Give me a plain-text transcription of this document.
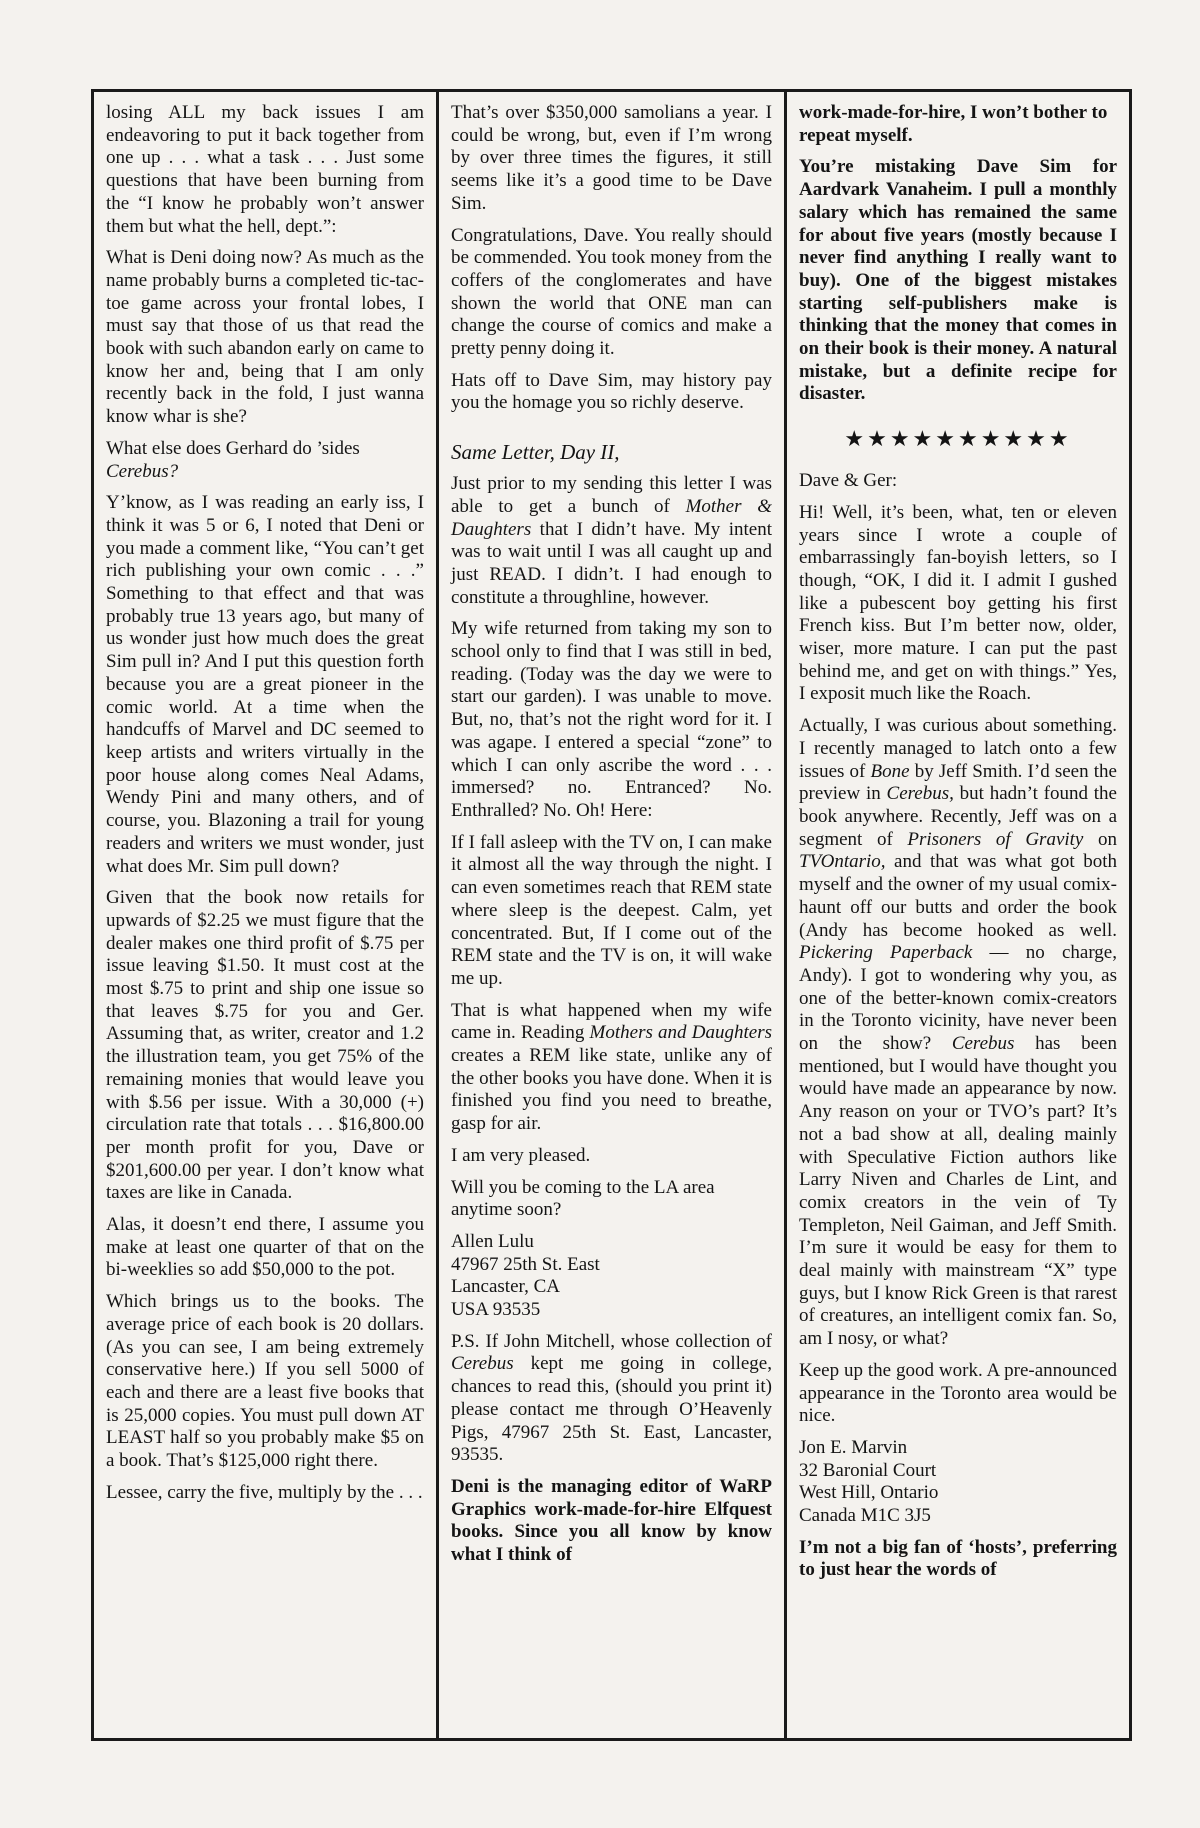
losing ALL my back issues I am endeavoring to put it back together from one up . . . what a task . . . Just some questions that have been burning from the “I know he probably won’t answer them but what the hell, dept.”:

What is Deni doing now? As much as the name probably burns a completed tic-tac-toe game across your frontal lobes, I must say that those of us that read the book with such abandon early on came to know her and, being that I am only recently back in the fold, I just wanna know whar is she?

What else does Gerhard do ’sides Cerebus?

Y’know, as I was reading an early iss, I think it was 5 or 6, I noted that Deni or you made a comment like, “You can’t get rich publishing your own comic . . .” Something to that effect and that was probably true 13 years ago, but many of us wonder just how much does the great Sim pull in? And I put this question forth because you are a great pioneer in the comic world. At a time when the handcuffs of Marvel and DC seemed to keep artists and writers virtually in the poor house along comes Neal Adams, Wendy Pini and many others, and of course, you. Blazoning a trail for young readers and writers we must wonder, just what does Mr. Sim pull down?

Given that the book now retails for upwards of $2.25 we must figure that the dealer makes one third profit of $.75 per issue leaving $1.50. It must cost at the most $.75 to print and ship one issue so that leaves $.75 for you and Ger. Assuming that, as writer, creator and 1.2 the illustration team, you get 75% of the remaining monies that would leave you with $.56 per issue. With a 30,000 (+) circulation rate that totals . . . $16,800.00 per month profit for you, Dave or $201,600.00 per year. I don’t know what taxes are like in Canada.

Alas, it doesn’t end there, I assume you make at least one quarter of that on the bi-weeklies so add $50,000 to the pot.

Which brings us to the books. The average price of each book is 20 dollars. (As you can see, I am being extremely conservative here.) If you sell 5000 of each and there are a least five books that is 25,000 copies. You must pull down AT LEAST half so you probably make $5 on a book. That’s $125,000 right there.

Lessee, carry the five, multiply by the . . .

That’s over $350,000 samolians a year. I could be wrong, but, even if I’m wrong by over three times the figures, it still seems like it’s a good time to be Dave Sim.

Congratulations, Dave. You really should be commended. You took money from the coffers of the conglomerates and have shown the world that ONE man can change the course of comics and make a pretty penny doing it.

Hats off to Dave Sim, may history pay you the homage you so richly deserve.

Same Letter, Day II,

Just prior to my sending this letter I was able to get a bunch of Mother & Daughters that I didn’t have. My intent was to wait until I was all caught up and just READ. I didn’t. I had enough to constitute a throughline, however.

My wife returned from taking my son to school only to find that I was still in bed, reading. (Today was the day we were to start our garden). I was unable to move. But, no, that’s not the right word for it. I was agape. I entered a special “zone” to which I can only ascribe the word . . . immersed? no. Entranced? No. Enthralled? No. Oh! Here:

If I fall asleep with the TV on, I can make it almost all the way through the night. I can even sometimes reach that REM state where sleep is the deepest. Calm, yet concentrated. But, If I come out of the REM state and the TV is on, it will wake me up.

That is what happened when my wife came in. Reading Mothers and Daughters creates a REM like state, unlike any of the other books you have done. When it is finished you find you need to breathe, gasp for air.

I am very pleased.

Will you be coming to the LA area anytime soon?

Allen Lulu

47967 25th St. East

Lancaster, CA

USA 93535

P.S. If John Mitchell, whose collection of Cerebus kept me going in college, chances to read this, (should you print it) please contact me through O’Heavenly Pigs, 47967 25th St. East, Lancaster, 93535.

Deni is the managing editor of WaRP Graphics work-made-for-hire Elfquest books. Since you all know by know what I think of

work-made-for-hire, I won’t bother to repeat myself.

You’re mistaking Dave Sim for Aardvark Vanaheim. I pull a monthly salary which has remained the same for about five years (mostly because I never find anything I really want to buy). One of the biggest mistakes starting self-publishers make is thinking that the money that comes in on their book is their money. A natural mistake, but a definite recipe for disaster.

★★★★★★★★★★

Dave & Ger:

Hi! Well, it’s been, what, ten or eleven years since I wrote a couple of embarrassingly fan-boyish letters, so I though, “OK, I did it. I admit I gushed like a pubescent boy getting his first French kiss. But I’m better now, older, wiser, more mature. I can put the past behind me, and get on with things.” Yes, I exposit much like the Roach.

Actually, I was curious about something. I recently managed to latch onto a few issues of Bone by Jeff Smith. I’d seen the preview in Cerebus, but hadn’t found the book anywhere. Recently, Jeff was on a segment of Prisoners of Gravity on TVOntario, and that was what got both myself and the owner of my usual comix-haunt off our butts and order the book (Andy has become hooked as well. Pickering Paperback — no charge, Andy). I got to wondering why you, as one of the better-known comix-creators in the Toronto vicinity, have never been on the show? Cerebus has been mentioned, but I would have thought you would have made an appearance by now. Any reason on your or TVO’s part? It’s not a bad show at all, dealing mainly with Speculative Fiction authors like Larry Niven and Charles de Lint, and comix creators in the vein of Ty Templeton, Neil Gaiman, and Jeff Smith. I’m sure it would be easy for them to deal mainly with mainstream “X” type guys, but I know Rick Green is that rarest of creatures, an intelligent comix fan. So, am I nosy, or what?

Keep up the good work. A pre-announced appearance in the Toronto area would be nice.

Jon E. Marvin

32 Baronial Court

West Hill, Ontario

Canada M1C 3J5

I’m not a big fan of ‘hosts’, preferring to just hear the words of
